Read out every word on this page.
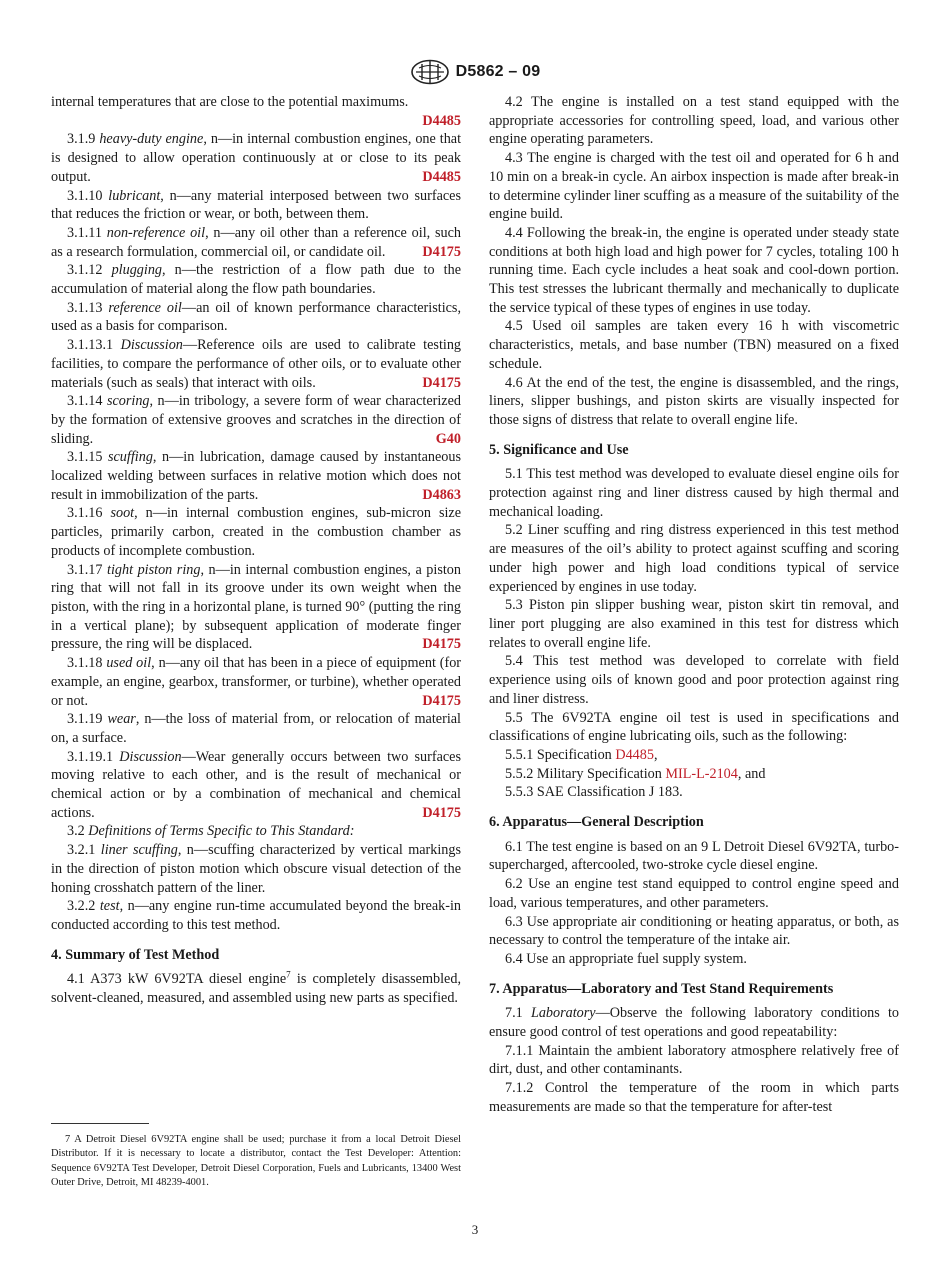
D5862 – 09

internal temperatures that are close to the potential maximums.

D4485

3.1.9 heavy-duty engine, n—in internal combustion engines, one that is designed to allow operation continuously at or close to its peak output.	D4485

3.1.10 lubricant, n—any material interposed between two surfaces that reduces the friction or wear, or both, between them.

3.1.11 non-reference oil, n—any oil other than a reference oil, such as a research formulation, commercial oil, or candidate oil.	D4175

3.1.12 plugging, n—the restriction of a flow path due to the accumulation of material along the flow path boundaries.

3.1.13 reference oil—an oil of known performance characteristics, used as a basis for comparison.

3.1.13.1 Discussion—Reference oils are used to calibrate testing facilities, to compare the performance of other oils, or to evaluate other materials (such as seals) that interact with oils.	D4175

3.1.14 scoring, n—in tribology, a severe form of wear characterized by the formation of extensive grooves and scratches in the direction of sliding.	G40

3.1.15 scuffing, n—in lubrication, damage caused by instantaneous localized welding between surfaces in relative motion which does not result in immobilization of the parts.	D4863

3.1.16 soot, n—in internal combustion engines, sub-micron size particles, primarily carbon, created in the combustion chamber as products of incomplete combustion.

3.1.17 tight piston ring, n—in internal combustion engines, a piston ring that will not fall in its groove under its own weight when the piston, with the ring in a horizontal plane, is turned 90° (putting the ring in a vertical plane); by subsequent application of moderate finger pressure, the ring will be displaced.	D4175

3.1.18 used oil, n—any oil that has been in a piece of equipment (for example, an engine, gearbox, transformer, or turbine), whether operated or not.	D4175

3.1.19 wear, n—the loss of material from, or relocation of material on, a surface.

3.1.19.1 Discussion—Wear generally occurs between two surfaces moving relative to each other, and is the result of mechanical or chemical action or by a combination of mechanical and chemical actions.	D4175

3.2 Definitions of Terms Specific to This Standard:

3.2.1 liner scuffing, n—scuffing characterized by vertical markings in the direction of piston motion which obscure visual detection of the honing crosshatch pattern of the liner.

3.2.2 test, n—any engine run-time accumulated beyond the break-in conducted according to this test method.

4. Summary of Test Method

4.1 A373 kW 6V92TA diesel engine$^7$ is completely disassembled, solvent-cleaned, measured, and assembled using new parts as specified.

4.2 The engine is installed on a test stand equipped with the appropriate accessories for controlling speed, load, and various other engine operating parameters.

4.3 The engine is charged with the test oil and operated for 6 h and 10 min on a break-in cycle. An airbox inspection is made after break-in to determine cylinder liner scuffing as a measure of the suitability of the engine build.

4.4 Following the break-in, the engine is operated under steady state conditions at both high load and high power for 7 cycles, totaling 100 h running time. Each cycle includes a heat soak and cool-down portion. This test stresses the lubricant thermally and mechanically to duplicate the service typical of these types of engines in use today.

4.5 Used oil samples are taken every 16 h with viscometric characteristics, metals, and base number (TBN) measured on a fixed schedule.

4.6 At the end of the test, the engine is disassembled, and the rings, liners, slipper bushings, and piston skirts are visually inspected for those signs of distress that relate to overall engine life.

5. Significance and Use

5.1 This test method was developed to evaluate diesel engine oils for protection against ring and liner distress caused by high thermal and mechanical loading.

5.2 Liner scuffing and ring distress experienced in this test method are measures of the oil’s ability to protect against scuffing and scoring under high power and high load conditions typical of service experienced by engines in use today.

5.3 Piston pin slipper bushing wear, piston skirt tin removal, and liner port plugging are also examined in this test for distress which relates to overall engine life.

5.4 This test method was developed to correlate with field experience using oils of known good and poor protection against ring and liner distress.

5.5 The 6V92TA engine oil test is used in specifications and classifications of engine lubricating oils, such as the following:

5.5.1 Specification D4485,

5.5.2 Military Specification MIL-L-2104, and

5.5.3 SAE Classification J 183.

6. Apparatus—General Description

6.1 The test engine is based on an 9 L Detroit Diesel 6V92TA, turbo-supercharged, aftercooled, two-stroke cycle diesel engine.

6.2 Use an engine test stand equipped to control engine speed and load, various temperatures, and other parameters.

6.3 Use appropriate air conditioning or heating apparatus, or both, as necessary to control the temperature of the intake air.

6.4 Use an appropriate fuel supply system.

7. Apparatus—Laboratory and Test Stand Requirements

7.1 Laboratory—Observe the following laboratory conditions to ensure good control of test operations and good repeatability:

7.1.1 Maintain the ambient laboratory atmosphere relatively free of dirt, dust, and other contaminants.

7.1.2 Control the temperature of the room in which parts measurements are made so that the temperature for after-test

7 A Detroit Diesel 6V92TA engine shall be used; purchase it from a local Detroit Diesel Distributor. If it is necessary to locate a distributor, contact the Test Developer: Attention: Sequence 6V92TA Test Developer, Detroit Diesel Corporation, Fuels and Lubricants, 13400 West Outer Drive, Detroit, MI 48239-4001.
3
